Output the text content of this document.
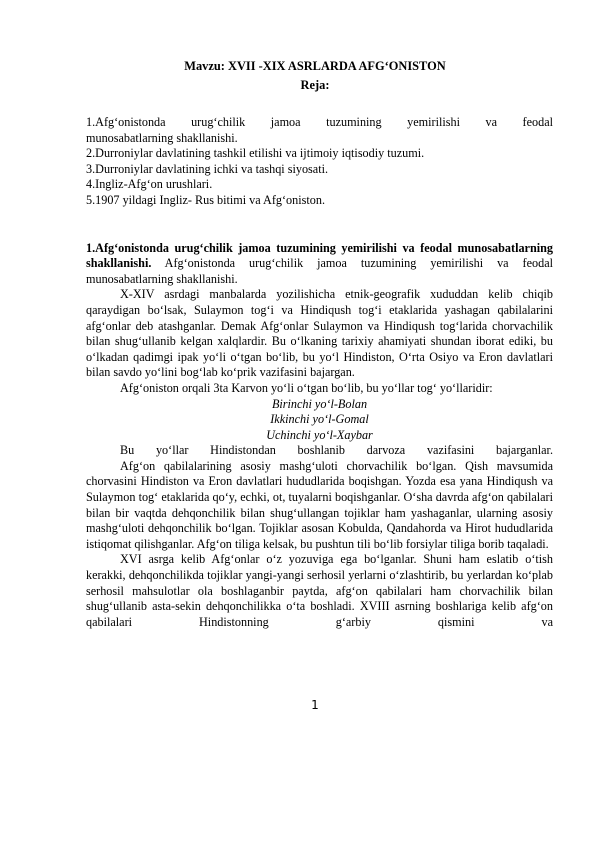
Mavzu: XVII -XIX ASRLARDA AFGʻONISTON
Reja:

1.Afgʻonistonda urugʻchilik jamoa tuzumining yemirilishi va feodal

munosabatlarning shakllanishi.

2.Durroniylar davlatining tashkil etilishi va ijtimoiy iqtisodiy tuzumi.

3.Durroniylar davlatining ichki va tashqi siyosati.

4.Ingliz-Afgʻon urushlari.

5.1907 yildagi Ingliz- Rus bitimi va Afgʻoniston.

1.Afgʻonistonda urugʻchilik jamoa tuzumining yemirilishi va feodal munosabatlarning shakllanishi. Afgʻonistonda urugʻchilik jamoa tuzumining yemirilishi va feodal munosabatlarning shakllanishi.

X-XIV asrdagi manbalarda yozilishicha etnik-geografik xududdan kelib chiqib qaraydigan boʻlsak, Sulaymon togʻi va Hindiqush togʻi etaklarida yashagan qabilalarini afgʻonlar deb atashganlar. Demak Afgʻonlar Sulaymon va Hindiqush togʻlarida chorvachilik bilan shugʻullanib kelgan xalqlardir. Bu oʻlkaning tarixiy ahamiyati shundan iborat ediki, bu oʻlkadan qadimgi ipak yoʻli oʻtgan boʻlib, bu yoʻl Hindiston, Oʻrta Osiyo va Eron davlatlari bilan savdo yoʻlini bogʻlab koʻprik vazifasini bajargan.

Afgʻoniston orqali 3ta Karvon yoʻli oʻtgan boʻlib, bu yoʻllar togʻ yoʻllaridir:

Birinchi yoʻl-Bolan

Ikkinchi yoʻl-Gomal

Uchinchi yoʻl-Xaybar

Bu yoʻllar Hindistondan boshlanib darvoza vazifasini bajarganlar.

Afgʻon qabilalarining asosiy mashgʻuloti chorvachilik boʻlgan. Qish mavsumida chorvasini Hindiston va Eron davlatlari hududlarida boqishgan. Yozda esa yana Hindiqush va Sulaymon togʻ etaklarida qoʻy, echki, ot, tuyalarni boqishganlar. Oʻsha davrda afgʻon qabilalari bilan bir vaqtda dehqonchilik bilan shugʻullangan tojiklar ham yashaganlar, ularning asosiy mashgʻuloti dehqonchilik boʻlgan. Tojiklar asosan Kobulda, Qandahorda va Hirot hududlarida istiqomat qilishganlar. Afgʻon tiliga kelsak, bu pushtun tili boʻlib forsiylar tiliga borib taqaladi.

XVI asrga kelib Afgʻonlar oʻz yozuviga ega boʻlganlar. Shuni ham eslatib oʻtish kerakki, dehqonchilikda tojiklar yangi-yangi serhosil yerlarni oʻzlashtirib, bu yerlardan koʻplab serhosil mahsulotlar ola boshlaganbir paytda, afgʻon qabilalari ham chorvachilik bilan shugʻullanib asta-sekin dehqonchilikka oʻta boshladi. XVIII asrning boshlariga kelib afgʻon qabilalari Hindistonning gʻarbiy qismini va

1
